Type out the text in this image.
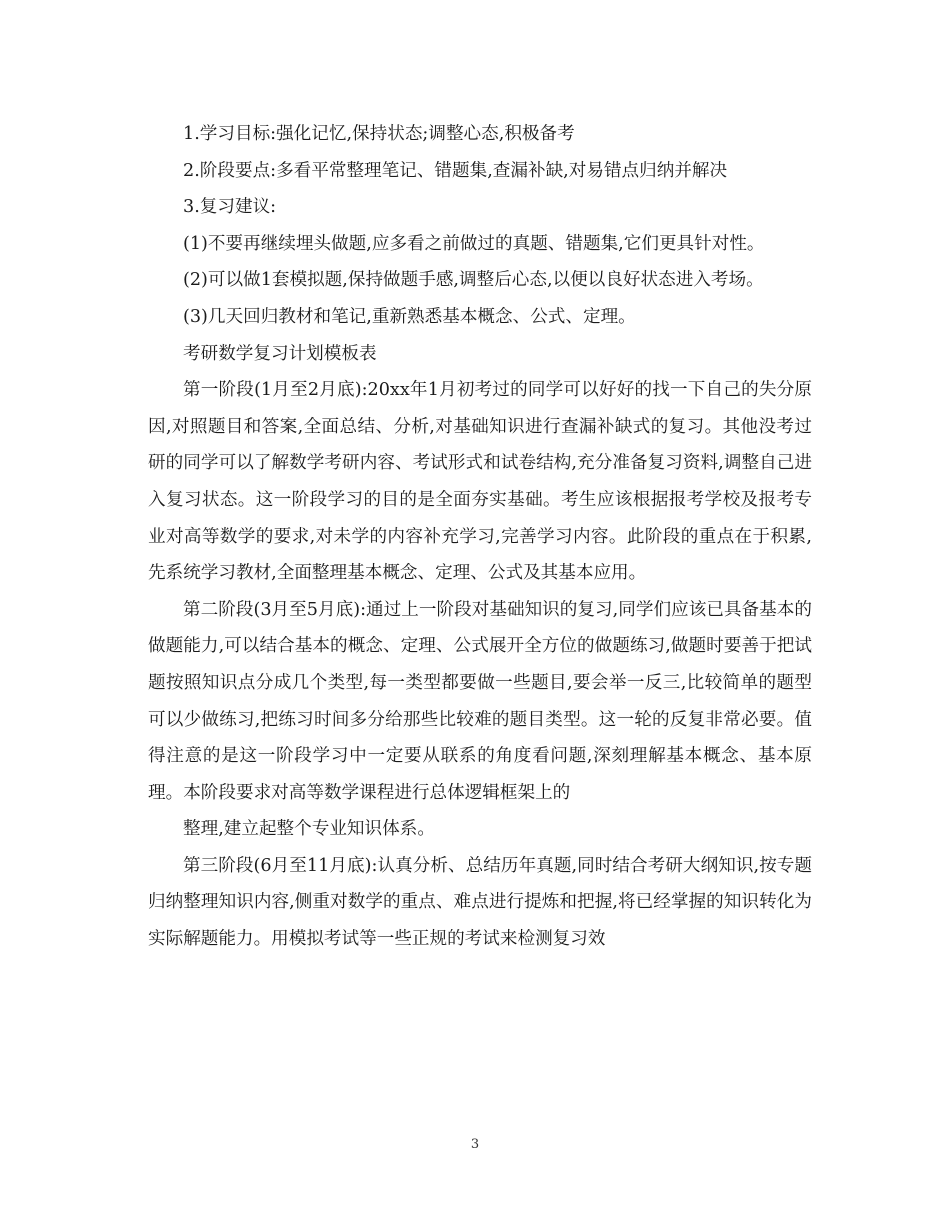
1.学习目标:强化记忆,保持状态;调整心态,积极备考

2.阶段要点:多看平常整理笔记、错题集,查漏补缺,对易错点归纳并解决

3.复习建议:

(1)不要再继续埋头做题,应多看之前做过的真题、错题集,它们更具针对性。

(2)可以做1套模拟题,保持做题手感,调整后心态,以便以良好状态进入考场。

(3)几天回归教材和笔记,重新熟悉基本概念、公式、定理。

考研数学复习计划模板表

第一阶段(1月至2月底):20xx年1月初考过的同学可以好好的找一下自己的失分原因,对照题目和答案,全面总结、分析,对基础知识进行查漏补缺式的复习。其他没考过研的同学可以了解数学考研内容、考试形式和试卷结构,充分准备复习资料,调整自己进入复习状态。这一阶段学习的目的是全面夯实基础。考生应该根据报考学校及报考专业对高等数学的要求,对未学的内容补充学习,完善学习内容。此阶段的重点在于积累,先系统学习教材,全面整理基本概念、定理、公式及其基本应用。

第二阶段(3月至5月底):通过上一阶段对基础知识的复习,同学们应该已具备基本的做题能力,可以结合基本的概念、定理、公式展开全方位的做题练习,做题时要善于把试题按照知识点分成几个类型,每一类型都要做一些题目,要会举一反三,比较简单的题型可以少做练习,把练习时间多分给那些比较难的题目类型。这一轮的反复非常必要。值得注意的是这一阶段学习中一定要从联系的角度看问题,深刻理解基本概念、基本原理。本阶段要求对高等数学课程进行总体逻辑框架上的

整理,建立起整个专业知识体系。

第三阶段(6月至11月底):认真分析、总结历年真题,同时结合考研大纲知识,按专题归纳整理知识内容,侧重对数学的重点、难点进行提炼和把握,将已经掌握的知识转化为实际解题能力。用模拟考试等一些正规的考试来检测复习效

3
